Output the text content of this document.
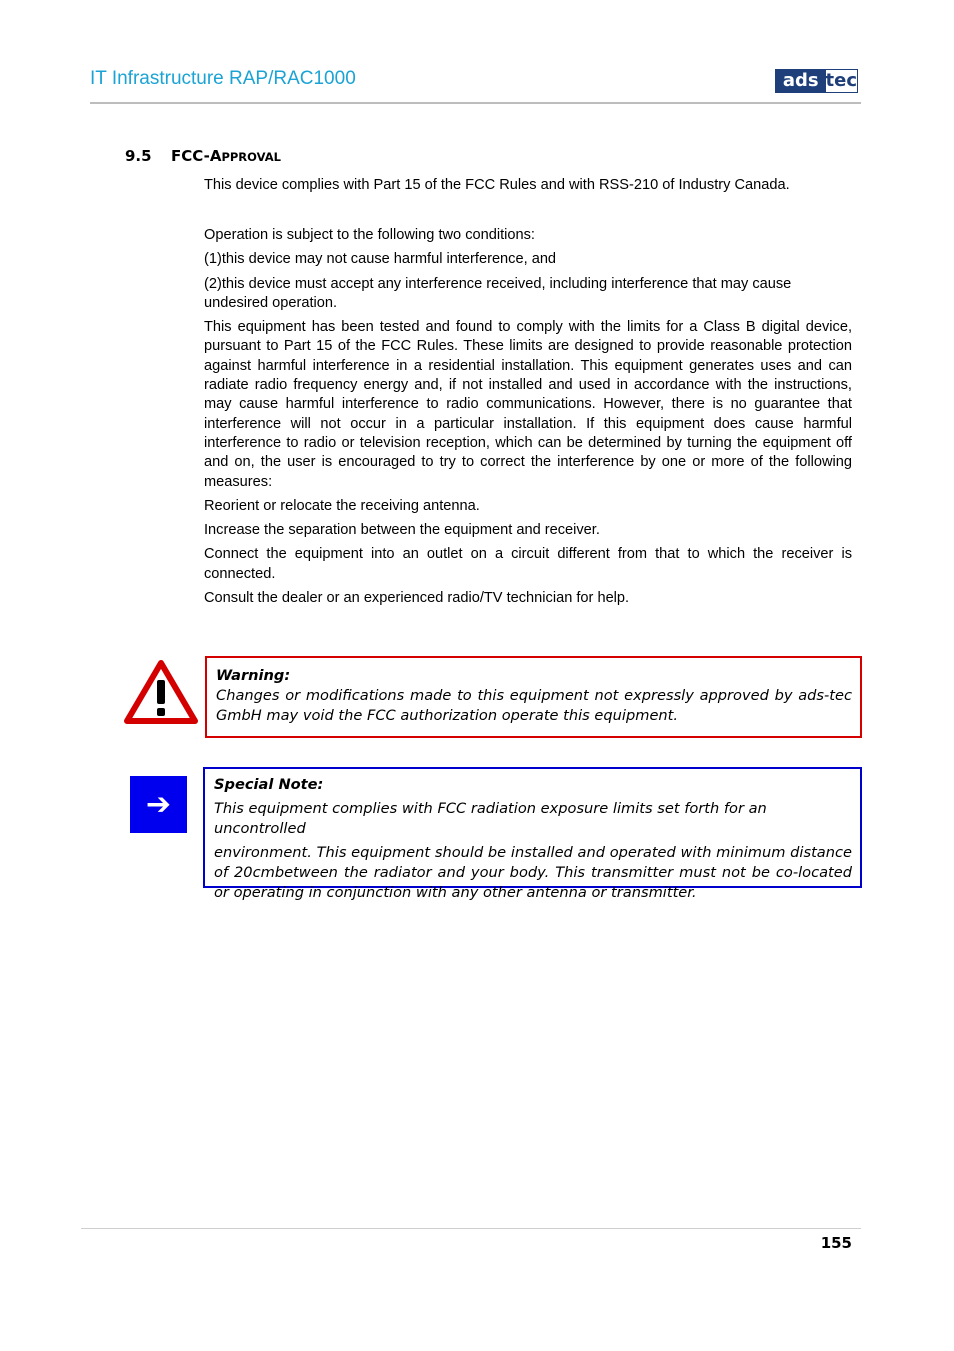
IT Infrastructure RAP/RAC1000	ads tec
9.5 FCC-APPROVAL

This device complies with Part 15 of the FCC Rules and with RSS-210 of Industry Canada.

Operation is subject to the following two conditions:

(1)this device may not cause harmful interference, and

(2)this device must accept any interference received, including interference that may cause undesired operation.

This equipment has been tested and found to comply with the limits for a Class B digital device, pursuant to Part 15 of the FCC Rules. These limits are designed to provide reasonable protection against harmful interference in a residential installation. This equipment generates uses and can radiate radio frequency energy and, if not installed and used in accordance with the instructions, may cause harmful interference to radio communications. However, there is no guarantee that interference will not occur in a particular installation. If this equipment does cause harmful interference to radio or television reception, which can be determined by turning the equipment off and on, the user is encouraged to try to correct the interference by one or more of the following measures:

Reorient or relocate the receiving antenna.

Increase the separation between the equipment and receiver.

Connect the equipment into an outlet on a circuit different from that to which the receiver is connected.

Consult the dealer or an experienced radio/TV technician for help.

Warning:

Changes or modifications made to this equipment not expressly approved by ads-tec GmbH may void the FCC authorization operate this equipment.

➔

Special Note:

This equipment complies with FCC radiation exposure limits set forth for an uncontrolled

environment. This equipment should be installed and operated with minimum distance of 20cmbetween the radiator and your body. This transmitter must not be co-located or operating in conjunction with any other antenna or transmitter.

155
